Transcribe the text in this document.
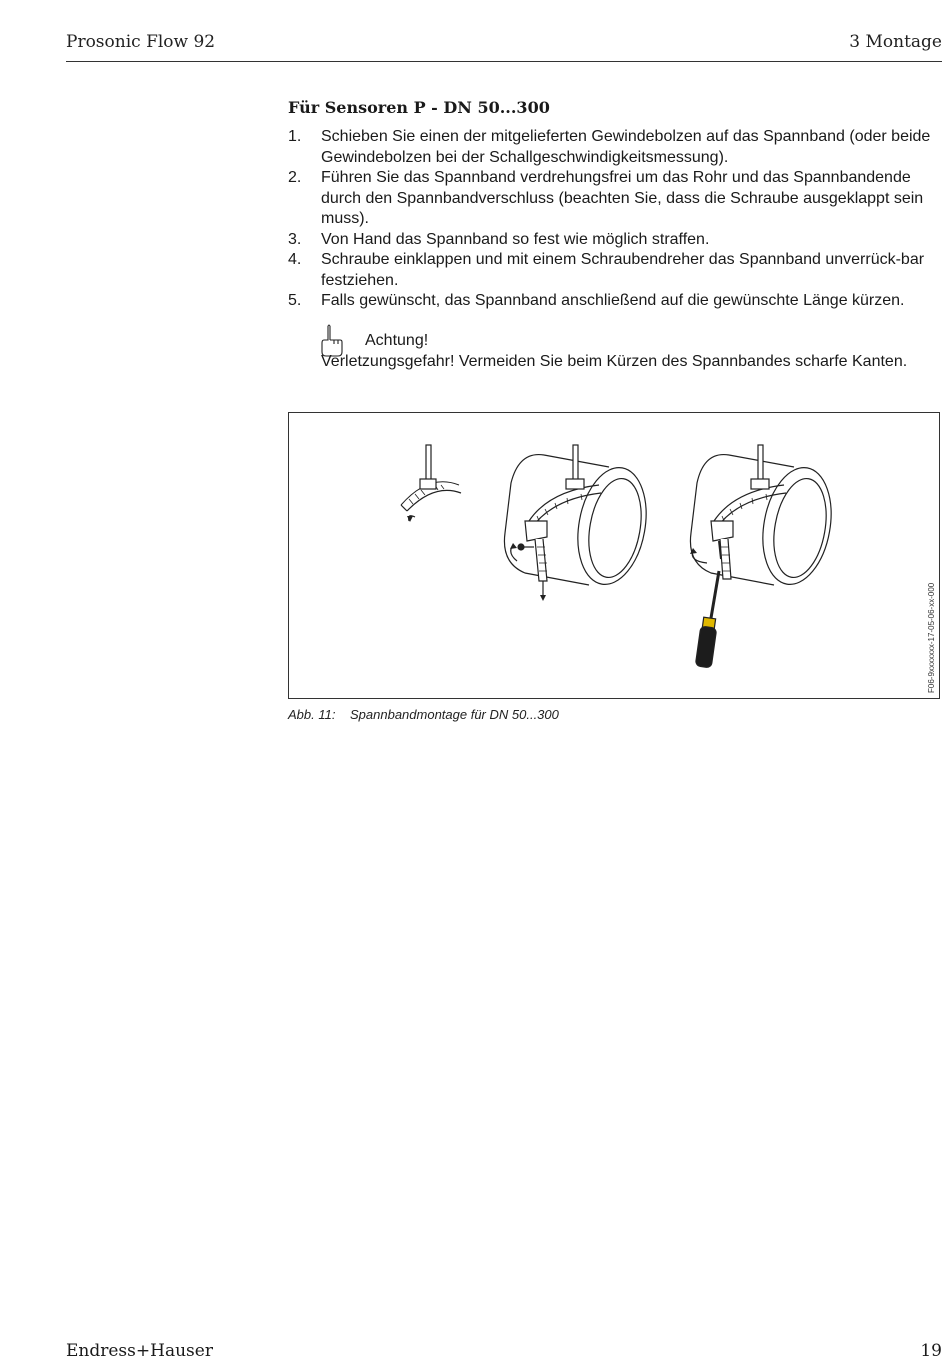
Prosonic Flow 92	3 Montage
Für Sensoren P - DN 50...300
1. Schieben Sie einen der mitgelieferten Gewindebolzen auf das Spannband (oder beide Gewindebolzen bei der Schallgeschwindigkeitsmessung).
2. Führen Sie das Spannband verdrehungsfrei um das Rohr und das Spannbandende durch den Spannbandverschluss (beachten Sie, dass die Schraube ausgeklappt sein muss).
3. Von Hand das Spannband so fest wie möglich straffen.
4. Schraube einklappen und mit einem Schraubendreher das Spannband unverrück-bar festziehen.
5. Falls gewünscht, das Spannband anschließend auf die gewünschte Länge kürzen.
Achtung!
Verletzungsgefahr! Vermeiden Sie beim Kürzen des Spannbandes scharfe Kanten.
F06-9xxxxxxx-17-05-06-xx-000
Abb. 11: Spannbandmontage für DN 50...300
Endress+Hauser	19
